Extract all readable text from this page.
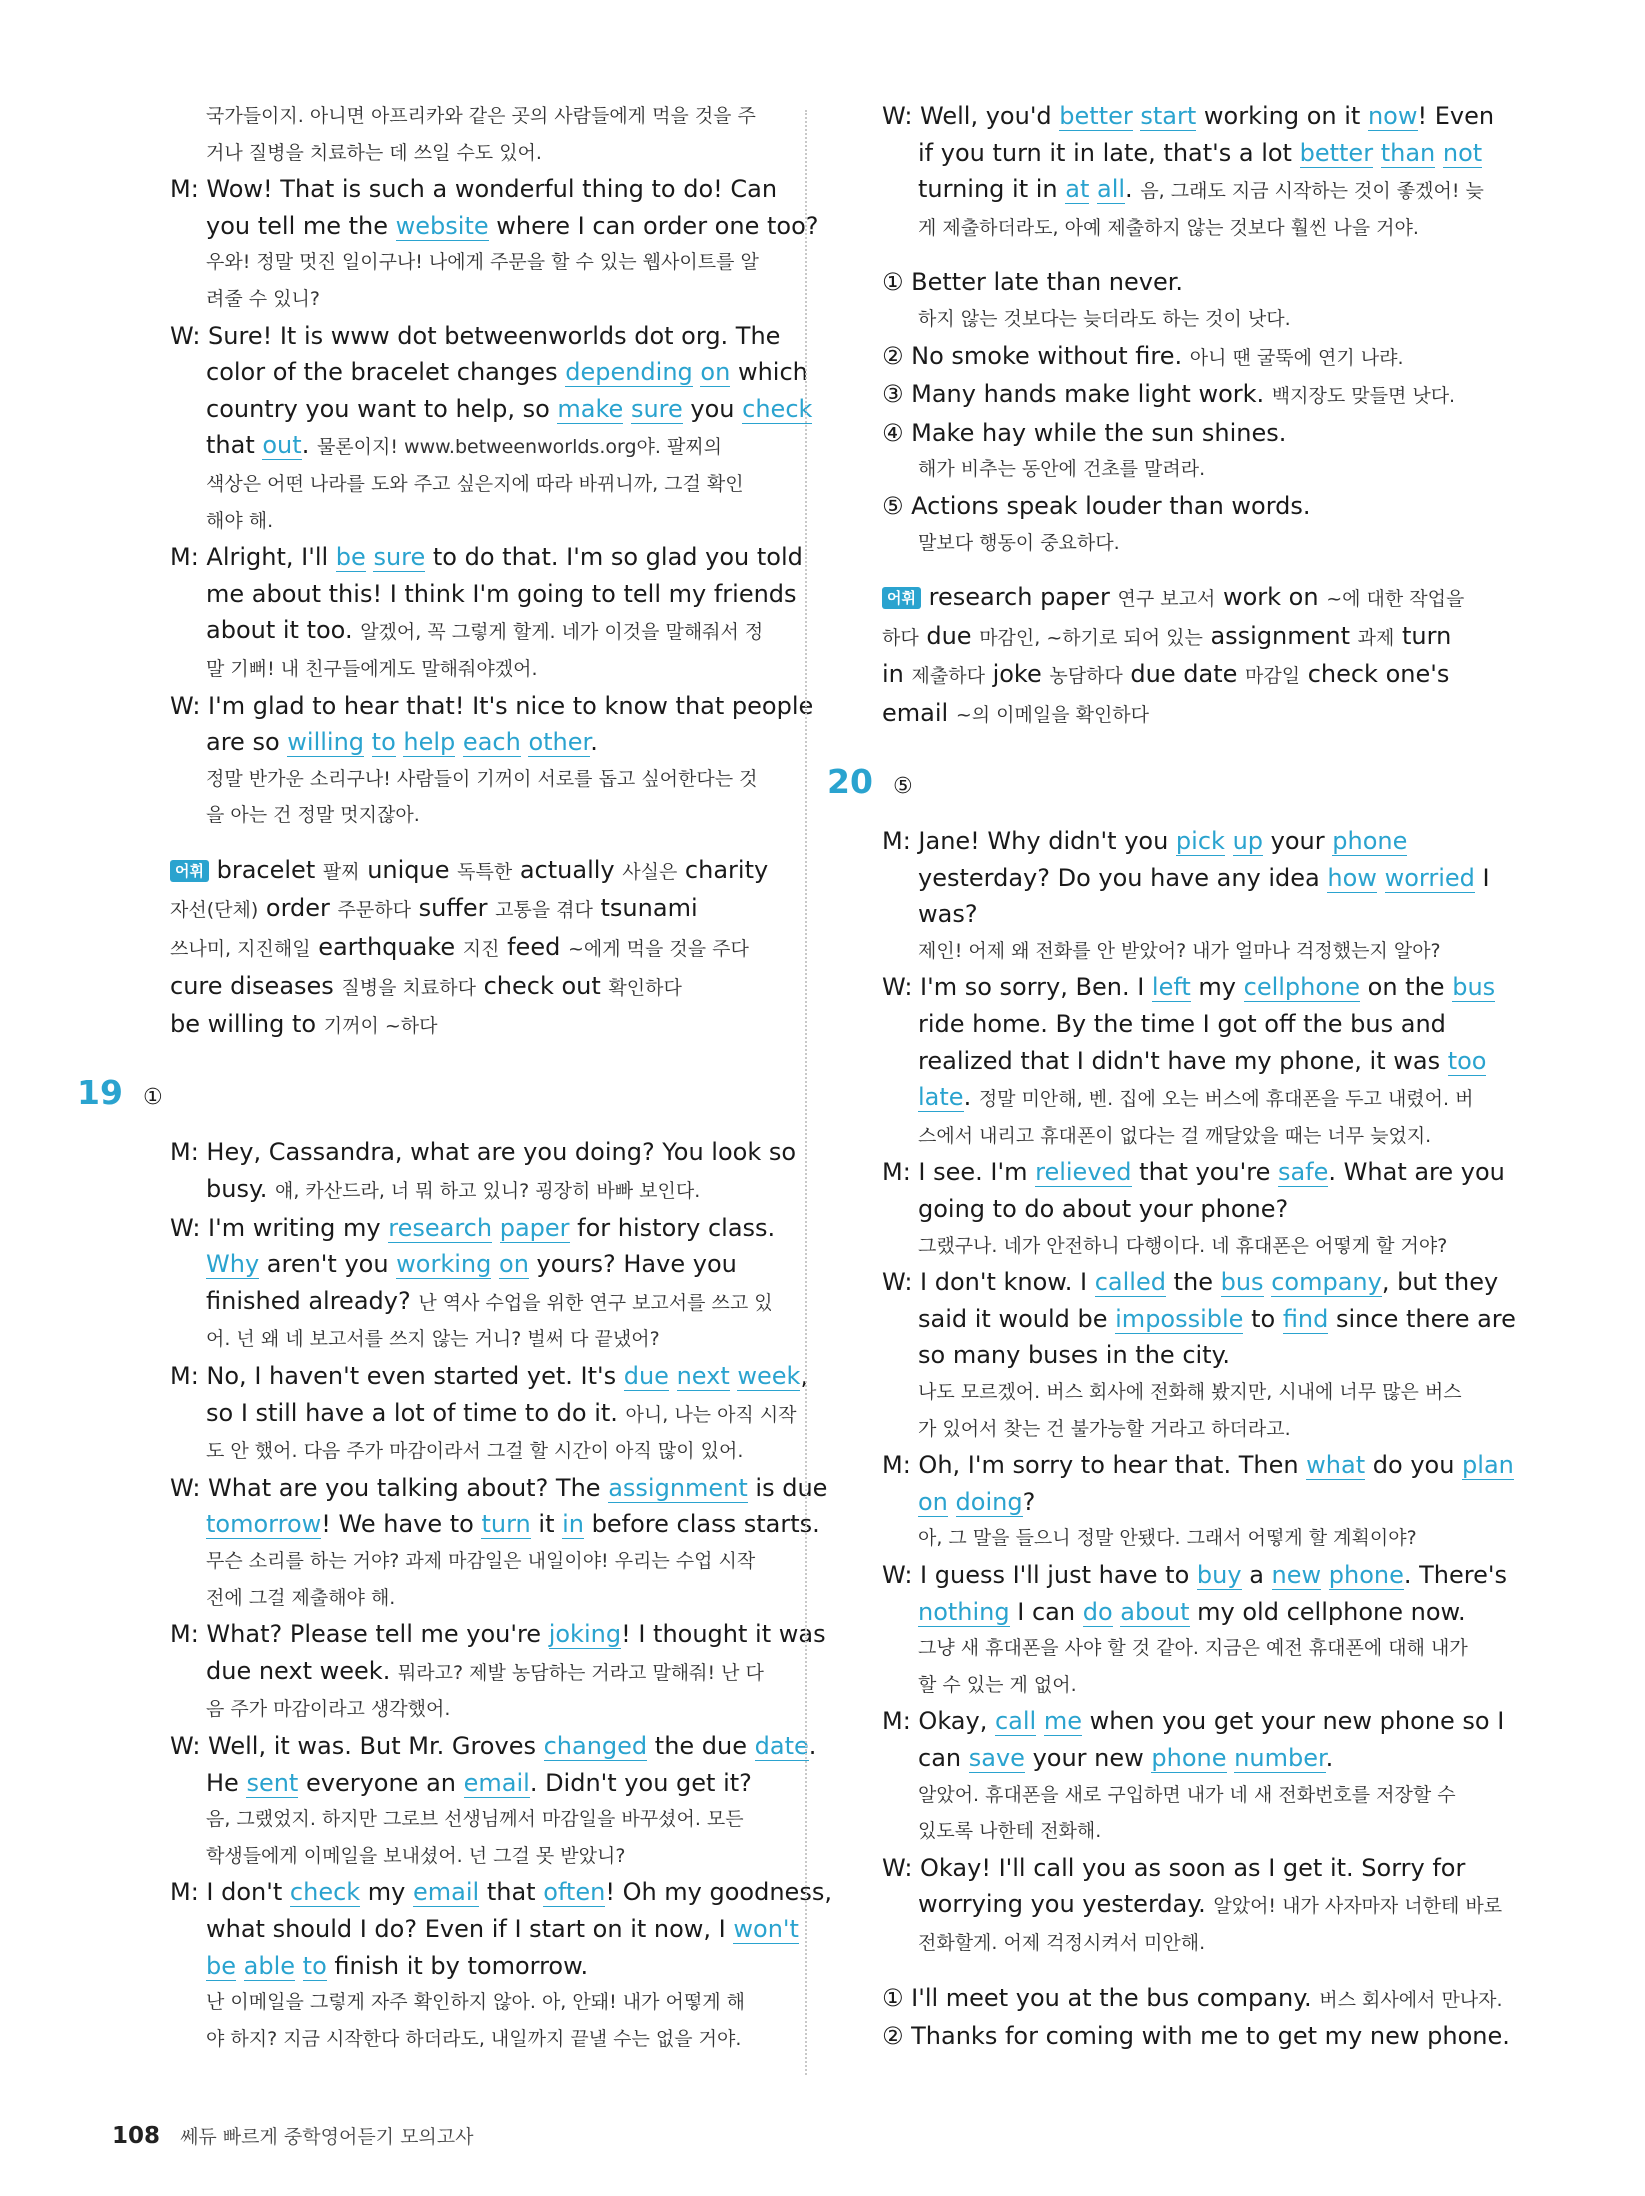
국가들이지. 아니면 아프리카와 같은 곳의 사람들에게 먹을 것을 주

거나 질병을 치료하는 데 쓰일 수도 있어.

M: Wow! That is such a wonderful thing to do! Can

you tell me the website where I can order one too?

우와! 정말 멋진 일이구나! 나에게 주문을 할 수 있는 웹사이트를 알

려줄 수 있니?

W: Sure! It is www dot betweenworlds dot org. The

color of the bracelet changes depending on which

country you want to help, so make sure you check

that out. 물론이지! www.betweenworlds.org야. 팔찌의

색상은 어떤 나라를 도와 주고 싶은지에 따라 바뀌니까, 그걸 확인

해야 해.

M: Alright, I'll be sure to do that. I'm so glad you told

me about this! I think I'm going to tell my friends

about it too. 알겠어, 꼭 그렇게 할게. 네가 이것을 말해줘서 정

말 기뻐! 내 친구들에게도 말해줘야겠어.

W: I'm glad to hear that! It's nice to know that people

are so willing to help each other.

정말 반가운 소리구나! 사람들이 기꺼이 서로를 돕고 싶어한다는 것

을 아는 건 정말 멋지잖아.

어휘 bracelet 팔찌 unique 독특한 actually 사실은 charity

자선(단체) order 주문하다 suffer 고통을 겪다 tsunami

쓰나미, 지진해일 earthquake 지진 feed ~에게 먹을 것을 주다

cure diseases 질병을 치료하다 check out 확인하다

be willing to 기꺼이 ~하다

19 ①

M: Hey, Cassandra, what are you doing? You look so

busy. 얘, 카산드라, 너 뭐 하고 있니? 굉장히 바빠 보인다.

W: I'm writing my research paper for history class.

Why aren't you working on yours? Have you

finished already? 난 역사 수업을 위한 연구 보고서를 쓰고 있

어. 넌 왜 네 보고서를 쓰지 않는 거니? 벌써 다 끝냈어?

M: No, I haven't even started yet. It's due next week,

so I still have a lot of time to do it. 아니, 나는 아직 시작

도 안 했어. 다음 주가 마감이라서 그걸 할 시간이 아직 많이 있어.

W: What are you talking about? The assignment is due

tomorrow! We have to turn it in before class starts.

무슨 소리를 하는 거야? 과제 마감일은 내일이야! 우리는 수업 시작

전에 그걸 제출해야 해.

M: What? Please tell me you're joking! I thought it was

due next week. 뭐라고? 제발 농담하는 거라고 말해줘! 난 다

음 주가 마감이라고 생각했어.

W: Well, it was. But Mr. Groves changed the due date.

He sent everyone an email. Didn't you get it?

음, 그랬었지. 하지만 그로브 선생님께서 마감일을 바꾸셨어. 모든

학생들에게 이메일을 보내셨어. 넌 그걸 못 받았니?

M: I don't check my email that often! Oh my goodness,

what should I do? Even if I start on it now, I won't

be able to finish it by tomorrow.

난 이메일을 그렇게 자주 확인하지 않아. 아, 안돼! 내가 어떻게 해

야 하지? 지금 시작한다 하더라도, 내일까지 끝낼 수는 없을 거야.

W: Well, you'd better start working on it now! Even

if you turn it in late, that's a lot better than not

turning it in at all. 음, 그래도 지금 시작하는 것이 좋겠어! 늦

게 제출하더라도, 아예 제출하지 않는 것보다 훨씬 나을 거야.

① Better late than never.

하지 않는 것보다는 늦더라도 하는 것이 낫다.

② No smoke without fire. 아니 땐 굴뚝에 연기 나랴.

③ Many hands make light work. 백지장도 맞들면 낫다.

④ Make hay while the sun shines.

해가 비추는 동안에 건초를 말려라.

⑤ Actions speak louder than words.

말보다 행동이 중요하다.

어휘 research paper 연구 보고서 work on ~에 대한 작업을

하다 due 마감인, ~하기로 되어 있는 assignment 과제 turn

in 제출하다 joke 농담하다 due date 마감일 check one's

email ~의 이메일을 확인하다

20 ⑤

M: Jane! Why didn't you pick up your phone

yesterday? Do you have any idea how worried I

was?

제인! 어제 왜 전화를 안 받았어? 내가 얼마나 걱정했는지 알아?

W: I'm so sorry, Ben. I left my cellphone on the bus

ride home. By the time I got off the bus and

realized that I didn't have my phone, it was too

late. 정말 미안해, 벤. 집에 오는 버스에 휴대폰을 두고 내렸어. 버

스에서 내리고 휴대폰이 없다는 걸 깨달았을 때는 너무 늦었지.

M: I see. I'm relieved that you're safe. What are you

going to do about your phone?

그랬구나. 네가 안전하니 다행이다. 네 휴대폰은 어떻게 할 거야?

W: I don't know. I called the bus company, but they

said it would be impossible to find since there are

so many buses in the city.

나도 모르겠어. 버스 회사에 전화해 봤지만, 시내에 너무 많은 버스

가 있어서 찾는 건 불가능할 거라고 하더라고.

M: Oh, I'm sorry to hear that. Then what do you plan

on doing?

아, 그 말을 들으니 정말 안됐다. 그래서 어떻게 할 계획이야?

W: I guess I'll just have to buy a new phone. There's

nothing I can do about my old cellphone now.

그냥 새 휴대폰을 사야 할 것 같아. 지금은 예전 휴대폰에 대해 내가

할 수 있는 게 없어.

M: Okay, call me when you get your new phone so I

can save your new phone number.

알았어. 휴대폰을 새로 구입하면 내가 네 새 전화번호를 저장할 수

있도록 나한테 전화해.

W: Okay! I'll call you as soon as I get it. Sorry for

worrying you yesterday. 알았어! 내가 사자마자 너한테 바로

전화할게. 어제 걱정시켜서 미안해.

① I'll meet you at the bus company. 버스 회사에서 만나자.

② Thanks for coming with me to get my new phone.

108 쎄듀 빠르게 중학영어듣기 모의고사
